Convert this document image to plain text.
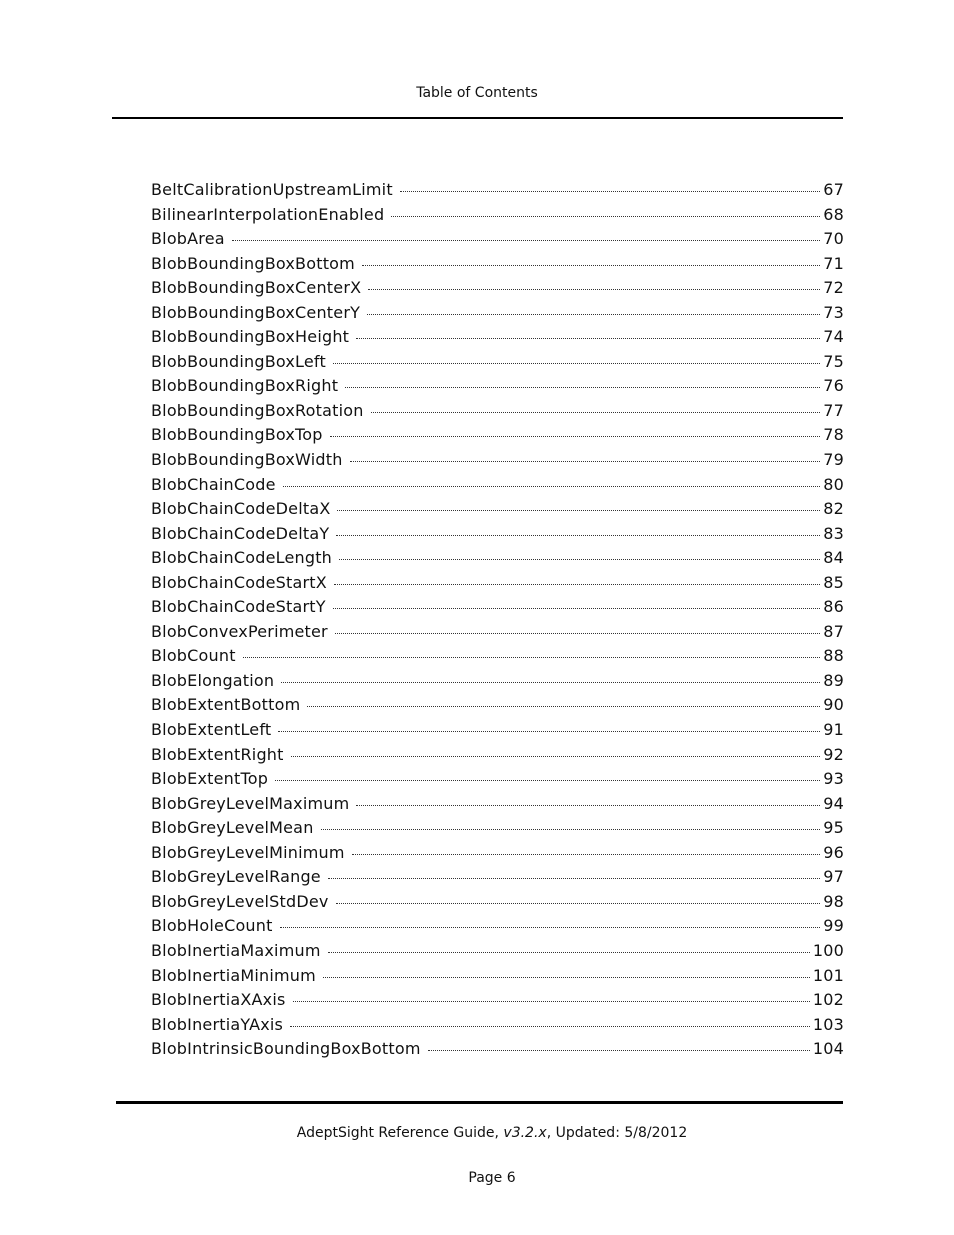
Table of Contents
BeltCalibrationUpstreamLimit	67
BilinearInterpolationEnabled	68
BlobArea	70
BlobBoundingBoxBottom	71
BlobBoundingBoxCenterX	72
BlobBoundingBoxCenterY	73
BlobBoundingBoxHeight	74
BlobBoundingBoxLeft	75
BlobBoundingBoxRight	76
BlobBoundingBoxRotation	77
BlobBoundingBoxTop	78
BlobBoundingBoxWidth	79
BlobChainCode	80
BlobChainCodeDeltaX	82
BlobChainCodeDeltaY	83
BlobChainCodeLength	84
BlobChainCodeStartX	85
BlobChainCodeStartY	86
BlobConvexPerimeter	87
BlobCount	88
BlobElongation	89
BlobExtentBottom	90
BlobExtentLeft	91
BlobExtentRight	92
BlobExtentTop	93
BlobGreyLevelMaximum	94
BlobGreyLevelMean	95
BlobGreyLevelMinimum	96
BlobGreyLevelRange	97
BlobGreyLevelStdDev	98
BlobHoleCount	99
BlobInertiaMaximum	100
BlobInertiaMinimum	101
BlobInertiaXAxis	102
BlobInertiaYAxis	103
BlobIntrinsicBoundingBoxBottom	104
AdeptSight Reference Guide, v3.2.x, Updated: 5/8/2012
Page 6
